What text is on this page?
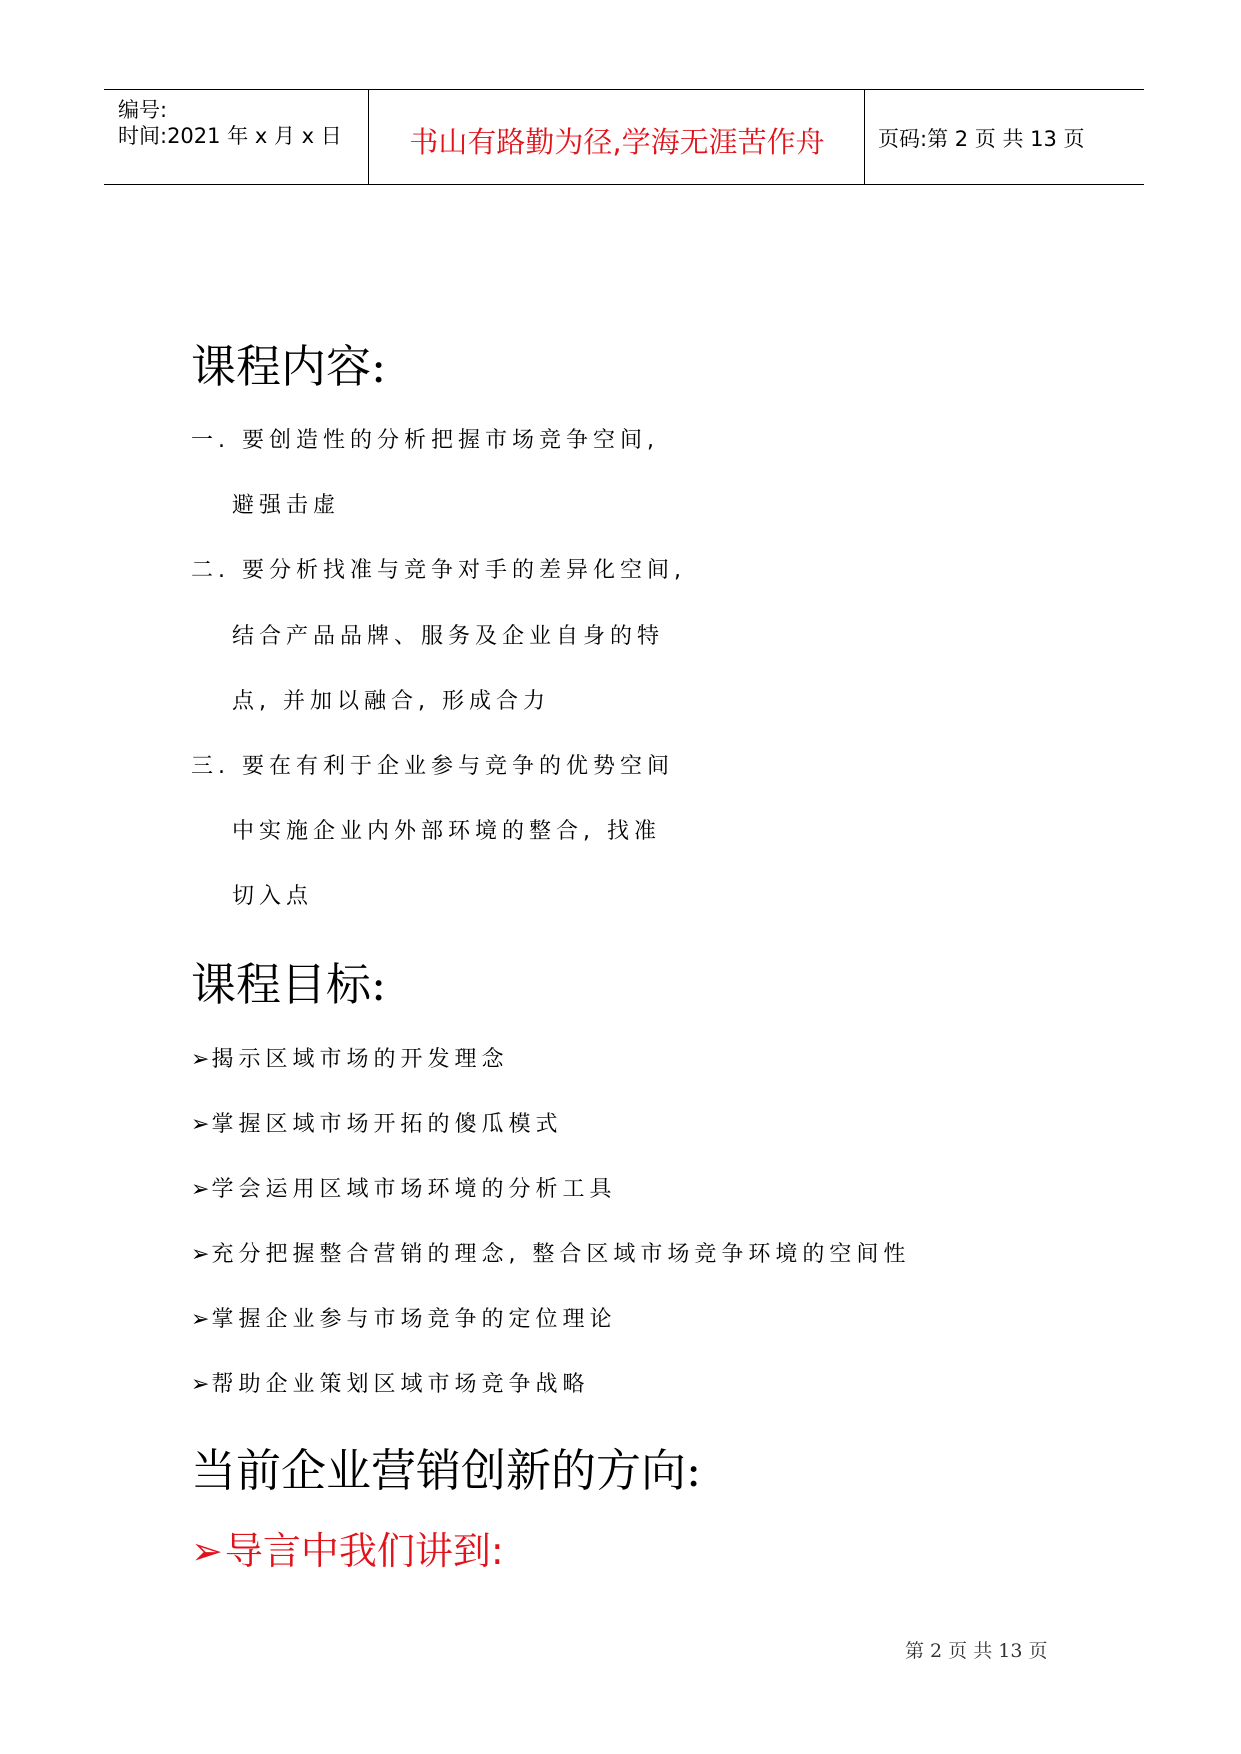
编号:
时间:2021 年 x 月 x 日	书山有路勤为径,学海无涯苦作舟	页码:第 2 页 共 13 页
课程内容:
一. 要创造性的分析把握市场竞争空间,
避强击虚
二. 要分析找准与竞争对手的差异化空间,
结合产品品牌、服务及企业自身的特
点, 并加以融合, 形成合力
三. 要在有利于企业参与竞争的优势空间
中实施企业内外部环境的整合, 找准
切入点
课程目标:
➢揭示区域市场的开发理念
➢掌握区域市场开拓的傻瓜模式
➢学会运用区域市场环境的分析工具
➢充分把握整合营销的理念, 整合区域市场竞争环境的空间性
➢掌握企业参与市场竞争的定位理论
➢帮助企业策划区域市场竞争战略
当前企业营销创新的方向:
➢导言中我们讲到:
第 2 页 共 13 页
